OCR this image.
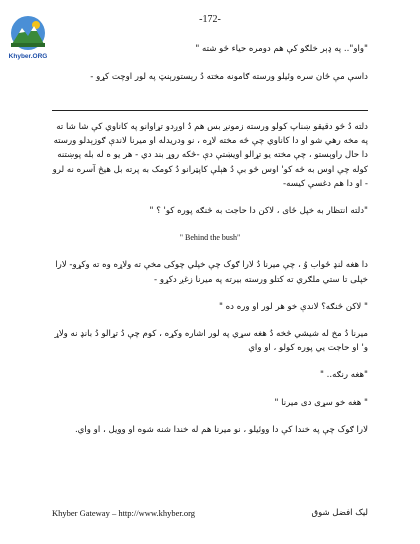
-172-
Khyber.ORG

"واو".. په ډېر خلګو کې هم دومره حياء څو شته "

داسې مې ځان سره وئيلو ورسته ګامونه مخته دُ رېستورېنټ په لور اوچت کړو -

دلته دُ څو دقيقو ښناپ کولو ورسته زمونږ بس هم دُ اوږدو تړاوانو په کاناوي کې شا شا ته په مخه رهي شو او دا کاناوي چې څه مخته لاړه ، نو ودريدله او ميرنا لاندې ګوزېدلو ورسته دا حال راوېستو ، چې مخته يو تړالو اويښتې دې -څکه روړ بند دي - هر يو ه له بله پوښتنه کوله چې اوس به څه کو' اوس څو بې دُ هېلې کاپټرانو دُ کومک به پرته بل هيڅ آسره نه لرو - او دا هم دغسې کيسه-

"دلته انتظار به خپل ځای ، لاکن دا حاجت به څنګه پوره کو' ؟ "

" Behind the bush"

دا هغه لنډ ځواب وُ ، چې ميرنا دُ لارا ګوک چې خپلي چوکی مخې ته ولاړه وه ته وکړو- لارا خپلی تا ستي ملګري ته کتلو ورسته بيرته په ميرنا زغږ دکړو -

" لاکن څنګه؟ لاندې خو هر لور او وره ده "

ميرنا دُ مخ له شيشي څخه دُ هغه سړي په لور اشاره وکړه ، کوم چې دُ تړالو دُ بانډ نه ولاړ و' او حاجت يي پوره کولو ، او واي

"هغه رنګه.. "

" هغه خو سړی دی ميرنا "

لارا ګوک چې په خندا کې دا ووئيلو ، نو ميرنا هم له خندا شنه شوه او وويل ، او واي.

Khyber Gateway – http://www.khyber.org	ليک افضل شوق
